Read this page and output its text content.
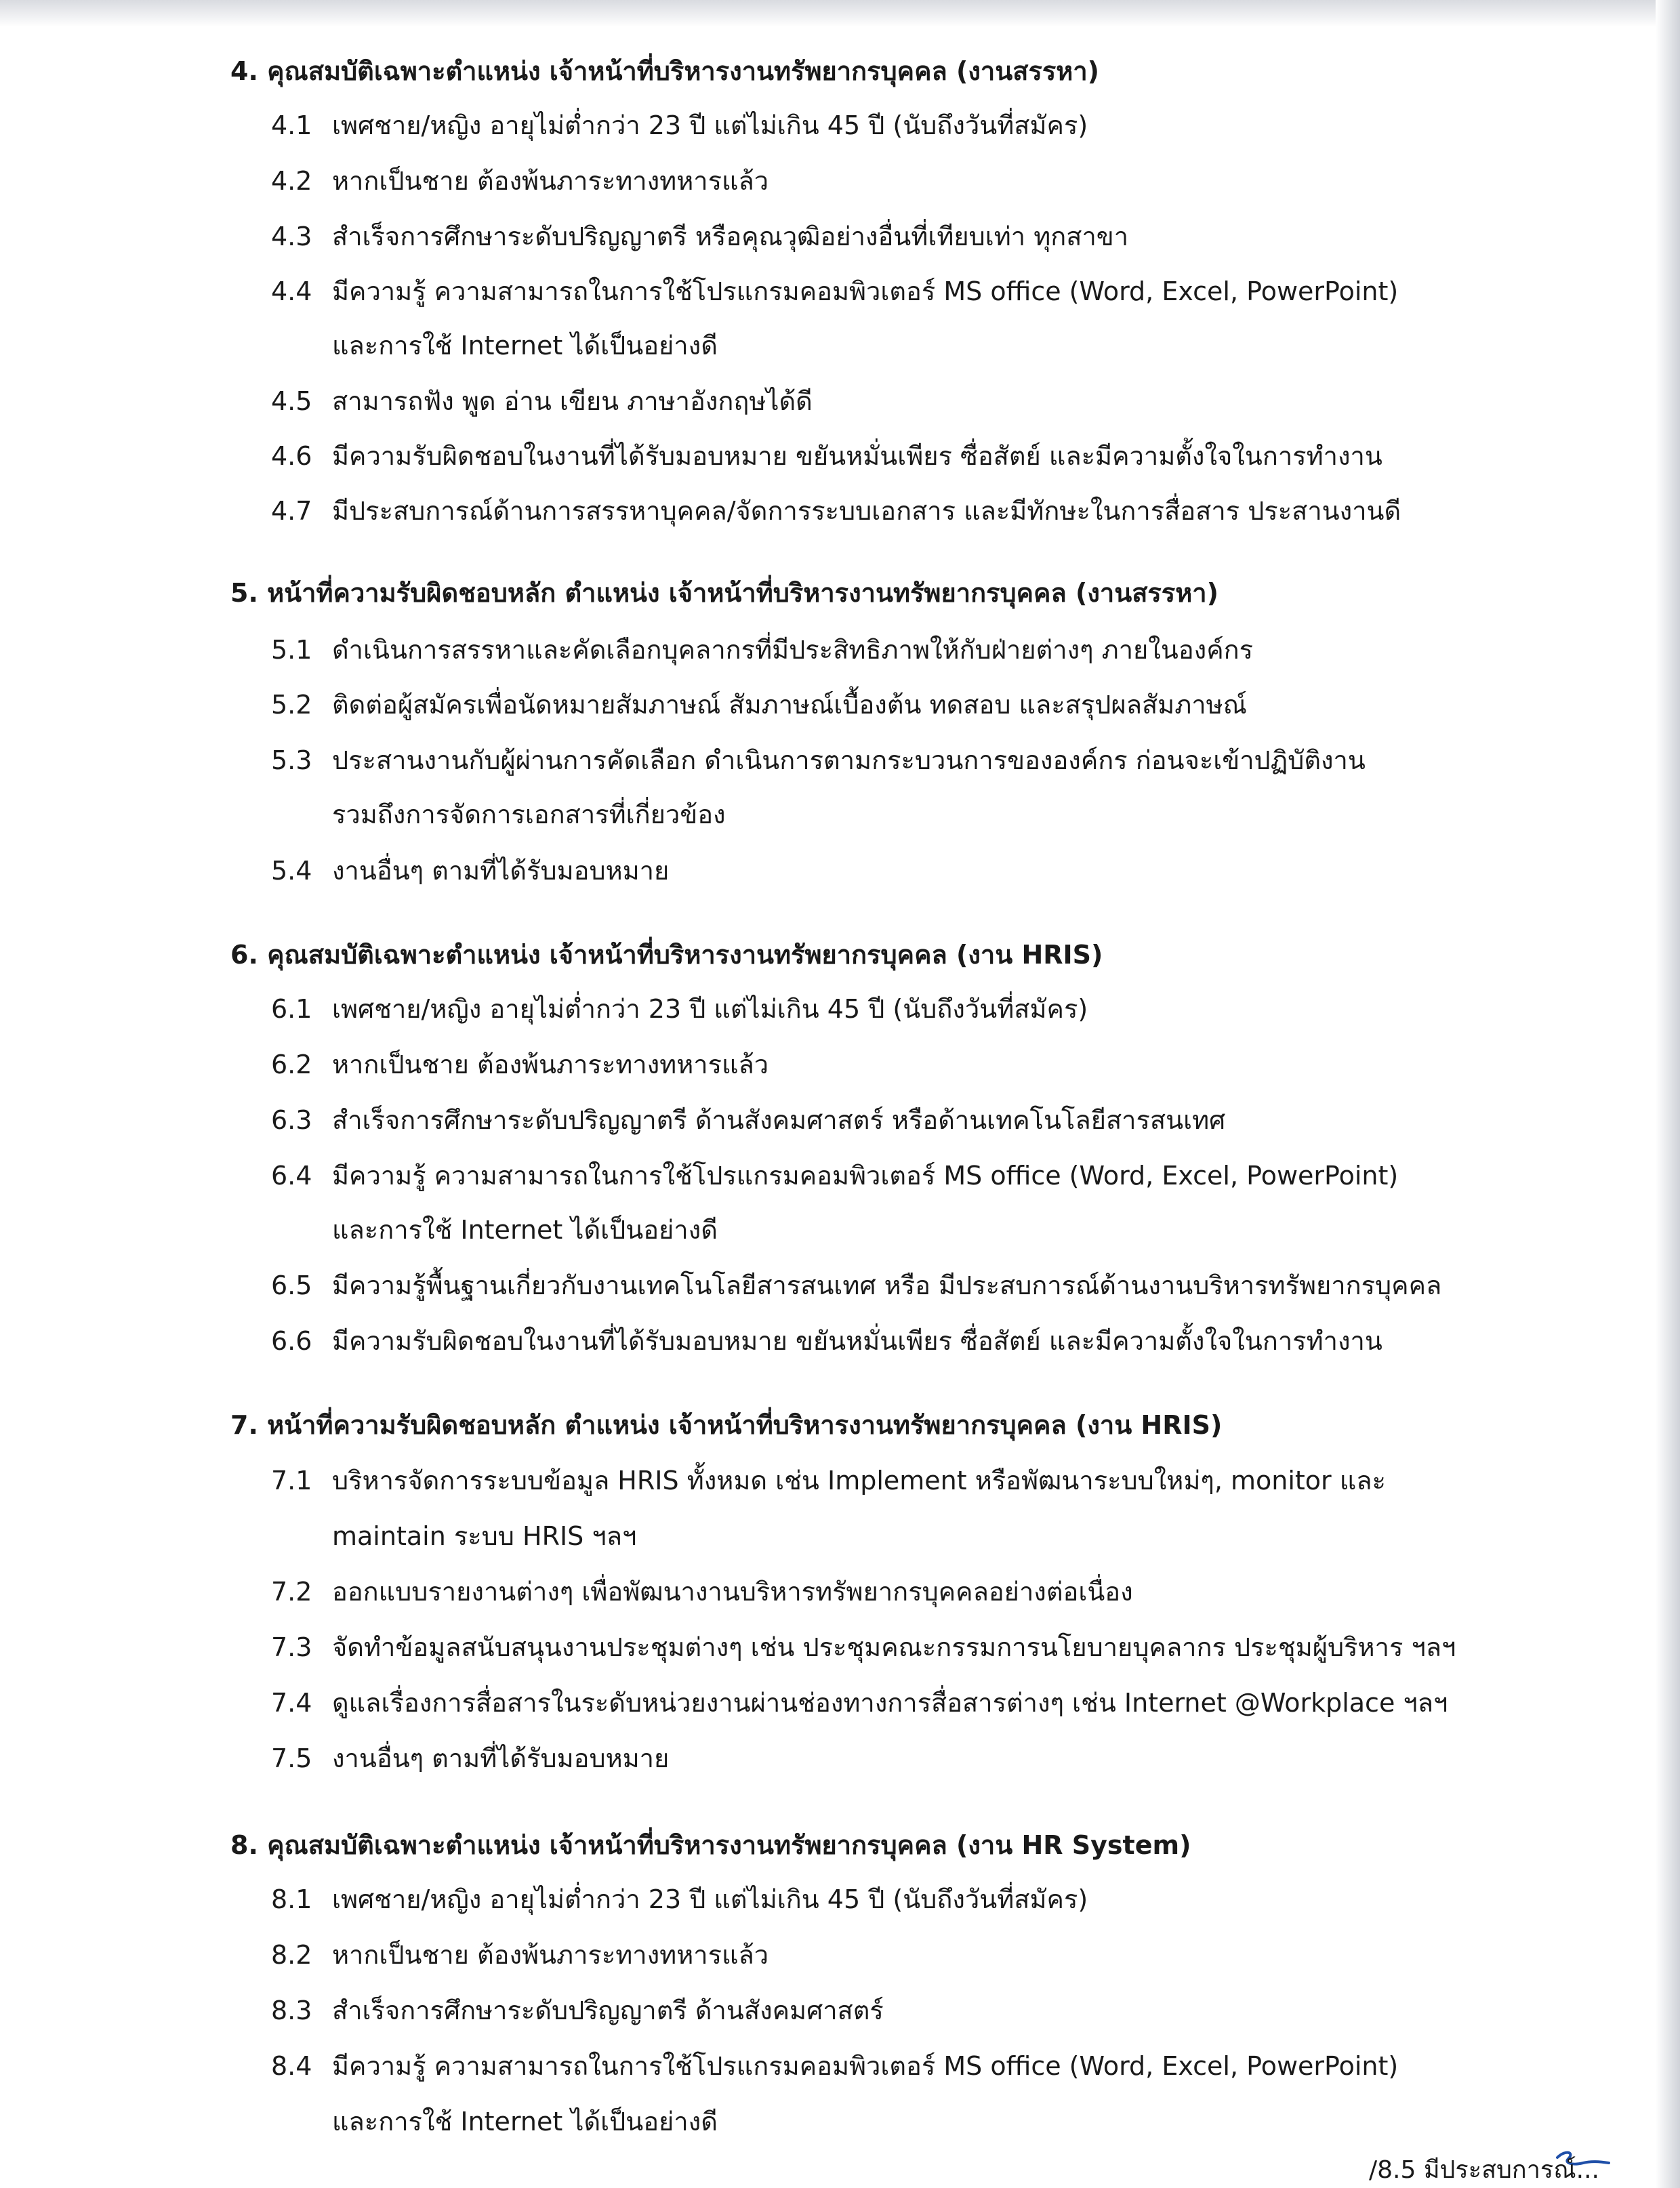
4. คุณสมบัติเฉพาะตำแหน่ง เจ้าหน้าที่บริหารงานทรัพยากรบุคคล (งานสรรหา)
4.1 เพศชาย/หญิง อายุไม่ต่ำกว่า 23 ปี แต่ไม่เกิน 45 ปี (นับถึงวันที่สมัคร)
4.2 หากเป็นชาย ต้องพ้นภาระทางทหารแล้ว
4.3 สำเร็จการศึกษาระดับปริญญาตรี หรือคุณวุฒิอย่างอื่นที่เทียบเท่า ทุกสาขา
4.4 มีความรู้ ความสามารถในการใช้โปรแกรมคอมพิวเตอร์ MS office (Word, Excel, PowerPoint)
และการใช้ Internet ได้เป็นอย่างดี
4.5 สามารถฟัง พูด อ่าน เขียน ภาษาอังกฤษได้ดี
4.6 มีความรับผิดชอบในงานที่ได้รับมอบหมาย ขยันหมั่นเพียร ซื่อสัตย์ และมีความตั้งใจในการทำงาน
4.7 มีประสบการณ์ด้านการสรรหาบุคคล/จัดการระบบเอกสาร และมีทักษะในการสื่อสาร ประสานงานดี
5. หน้าที่ความรับผิดชอบหลัก ตำแหน่ง เจ้าหน้าที่บริหารงานทรัพยากรบุคคล (งานสรรหา)
5.1 ดำเนินการสรรหาและคัดเลือกบุคลากรที่มีประสิทธิภาพให้กับฝ่ายต่างๆ ภายในองค์กร
5.2 ติดต่อผู้สมัครเพื่อนัดหมายสัมภาษณ์ สัมภาษณ์เบื้องต้น ทดสอบ และสรุปผลสัมภาษณ์
5.3 ประสานงานกับผู้ผ่านการคัดเลือก ดำเนินการตามกระบวนการขององค์กร ก่อนจะเข้าปฏิบัติงาน
รวมถึงการจัดการเอกสารที่เกี่ยวข้อง
5.4 งานอื่นๆ ตามที่ได้รับมอบหมาย
6. คุณสมบัติเฉพาะตำแหน่ง เจ้าหน้าที่บริหารงานทรัพยากรบุคคล (งาน HRIS)
6.1 เพศชาย/หญิง อายุไม่ต่ำกว่า 23 ปี แต่ไม่เกิน 45 ปี (นับถึงวันที่สมัคร)
6.2 หากเป็นชาย ต้องพ้นภาระทางทหารแล้ว
6.3 สำเร็จการศึกษาระดับปริญญาตรี ด้านสังคมศาสตร์ หรือด้านเทคโนโลยีสารสนเทศ
6.4 มีความรู้ ความสามารถในการใช้โปรแกรมคอมพิวเตอร์ MS office (Word, Excel, PowerPoint)
และการใช้ Internet ได้เป็นอย่างดี
6.5 มีความรู้พื้นฐานเกี่ยวกับงานเทคโนโลยีสารสนเทศ หรือ มีประสบการณ์ด้านงานบริหารทรัพยากรบุคคล
6.6 มีความรับผิดชอบในงานที่ได้รับมอบหมาย ขยันหมั่นเพียร ซื่อสัตย์ และมีความตั้งใจในการทำงาน
7. หน้าที่ความรับผิดชอบหลัก ตำแหน่ง เจ้าหน้าที่บริหารงานทรัพยากรบุคคล (งาน HRIS)
7.1 บริหารจัดการระบบข้อมูล HRIS ทั้งหมด เช่น Implement หรือพัฒนาระบบใหม่ๆ, monitor และ
maintain ระบบ HRIS ฯลฯ
7.2 ออกแบบรายงานต่างๆ เพื่อพัฒนางานบริหารทรัพยากรบุคคลอย่างต่อเนื่อง
7.3 จัดทำข้อมูลสนับสนุนงานประชุมต่างๆ เช่น ประชุมคณะกรรมการนโยบายบุคลากร ประชุมผู้บริหาร ฯลฯ
7.4 ดูแลเรื่องการสื่อสารในระดับหน่วยงานผ่านช่องทางการสื่อสารต่างๆ เช่น Internet @Workplace ฯลฯ
7.5 งานอื่นๆ ตามที่ได้รับมอบหมาย
8. คุณสมบัติเฉพาะตำแหน่ง เจ้าหน้าที่บริหารงานทรัพยากรบุคคล (งาน HR System)
8.1 เพศชาย/หญิง อายุไม่ต่ำกว่า 23 ปี แต่ไม่เกิน 45 ปี (นับถึงวันที่สมัคร)
8.2 หากเป็นชาย ต้องพ้นภาระทางทหารแล้ว
8.3 สำเร็จการศึกษาระดับปริญญาตรี ด้านสังคมศาสตร์
8.4 มีความรู้ ความสามารถในการใช้โปรแกรมคอมพิวเตอร์ MS office (Word, Excel, PowerPoint)
และการใช้ Internet ได้เป็นอย่างดี
/8.5 มีประสบการณ์...
